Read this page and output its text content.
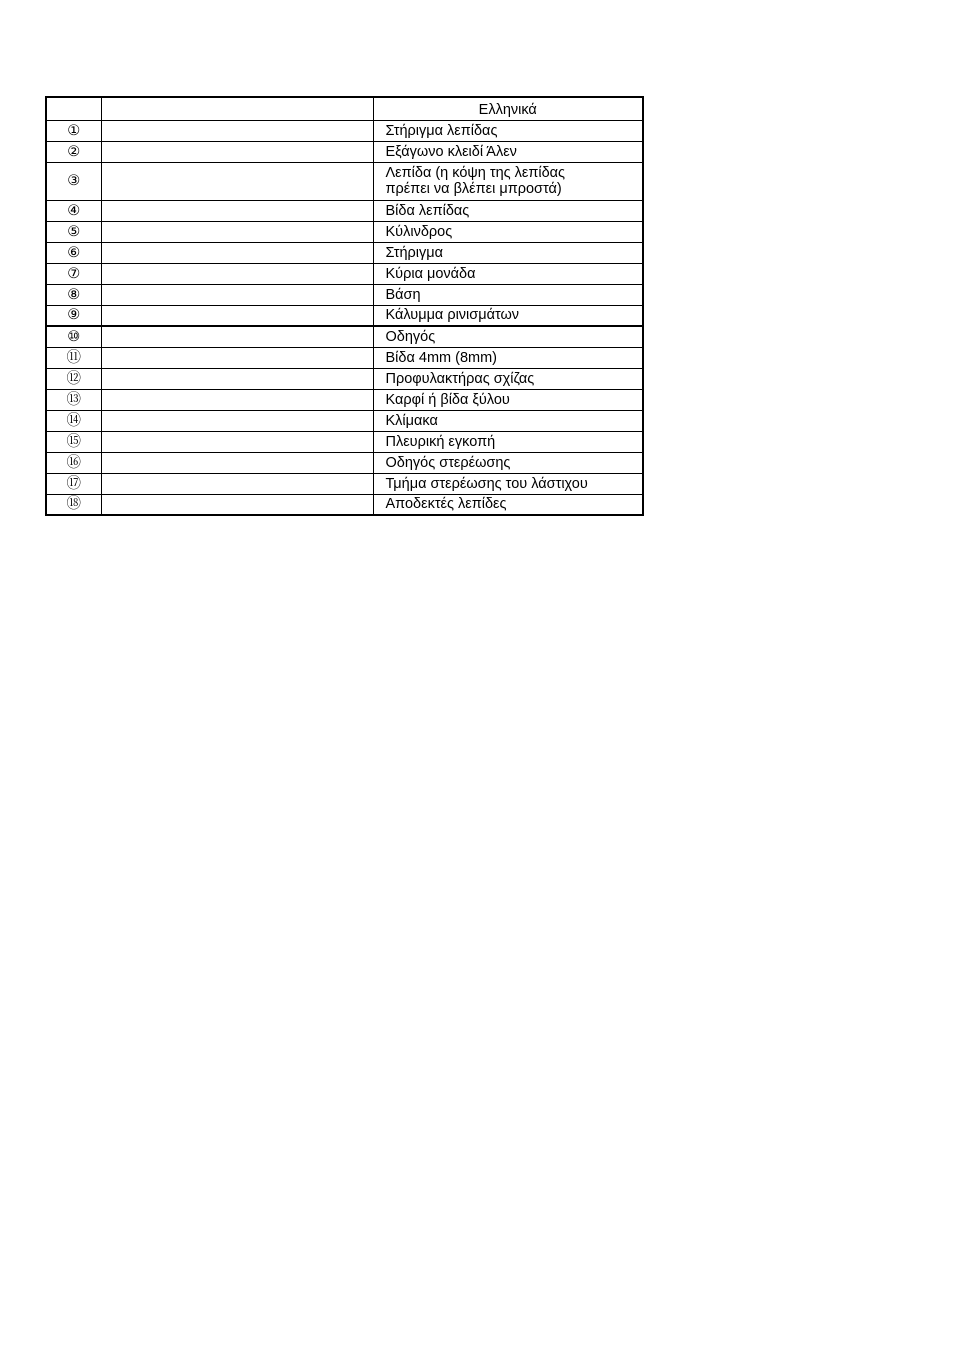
		Ελληνικά
①		Στήριγμα λεπίδας
②		Εξάγωνο κλειδί Άλεν
③		Λεπίδα (η κόψη της λεπίδας
πρέπει να βλέπει μπροστά)
④		Βίδα λεπίδας
⑤		Κύλινδρος
⑥		Στήριγμα
⑦		Κύρια μονάδα
⑧		Βάση
⑨		Κάλυμμα ρινισμάτων
⑩		Οδηγός
⑪		Βίδα 4mm (8mm)
⑫		Προφυλακτήρας σχίζας
⑬		Καρφί ή βίδα ξύλου
⑭		Κλίμακα
⑮		Πλευρική εγκοπή
⑯		Οδηγός στερέωσης
⑰		Τμήμα στερέωσης του λάστιχου
⑱		Αποδεκτές λεπίδες
